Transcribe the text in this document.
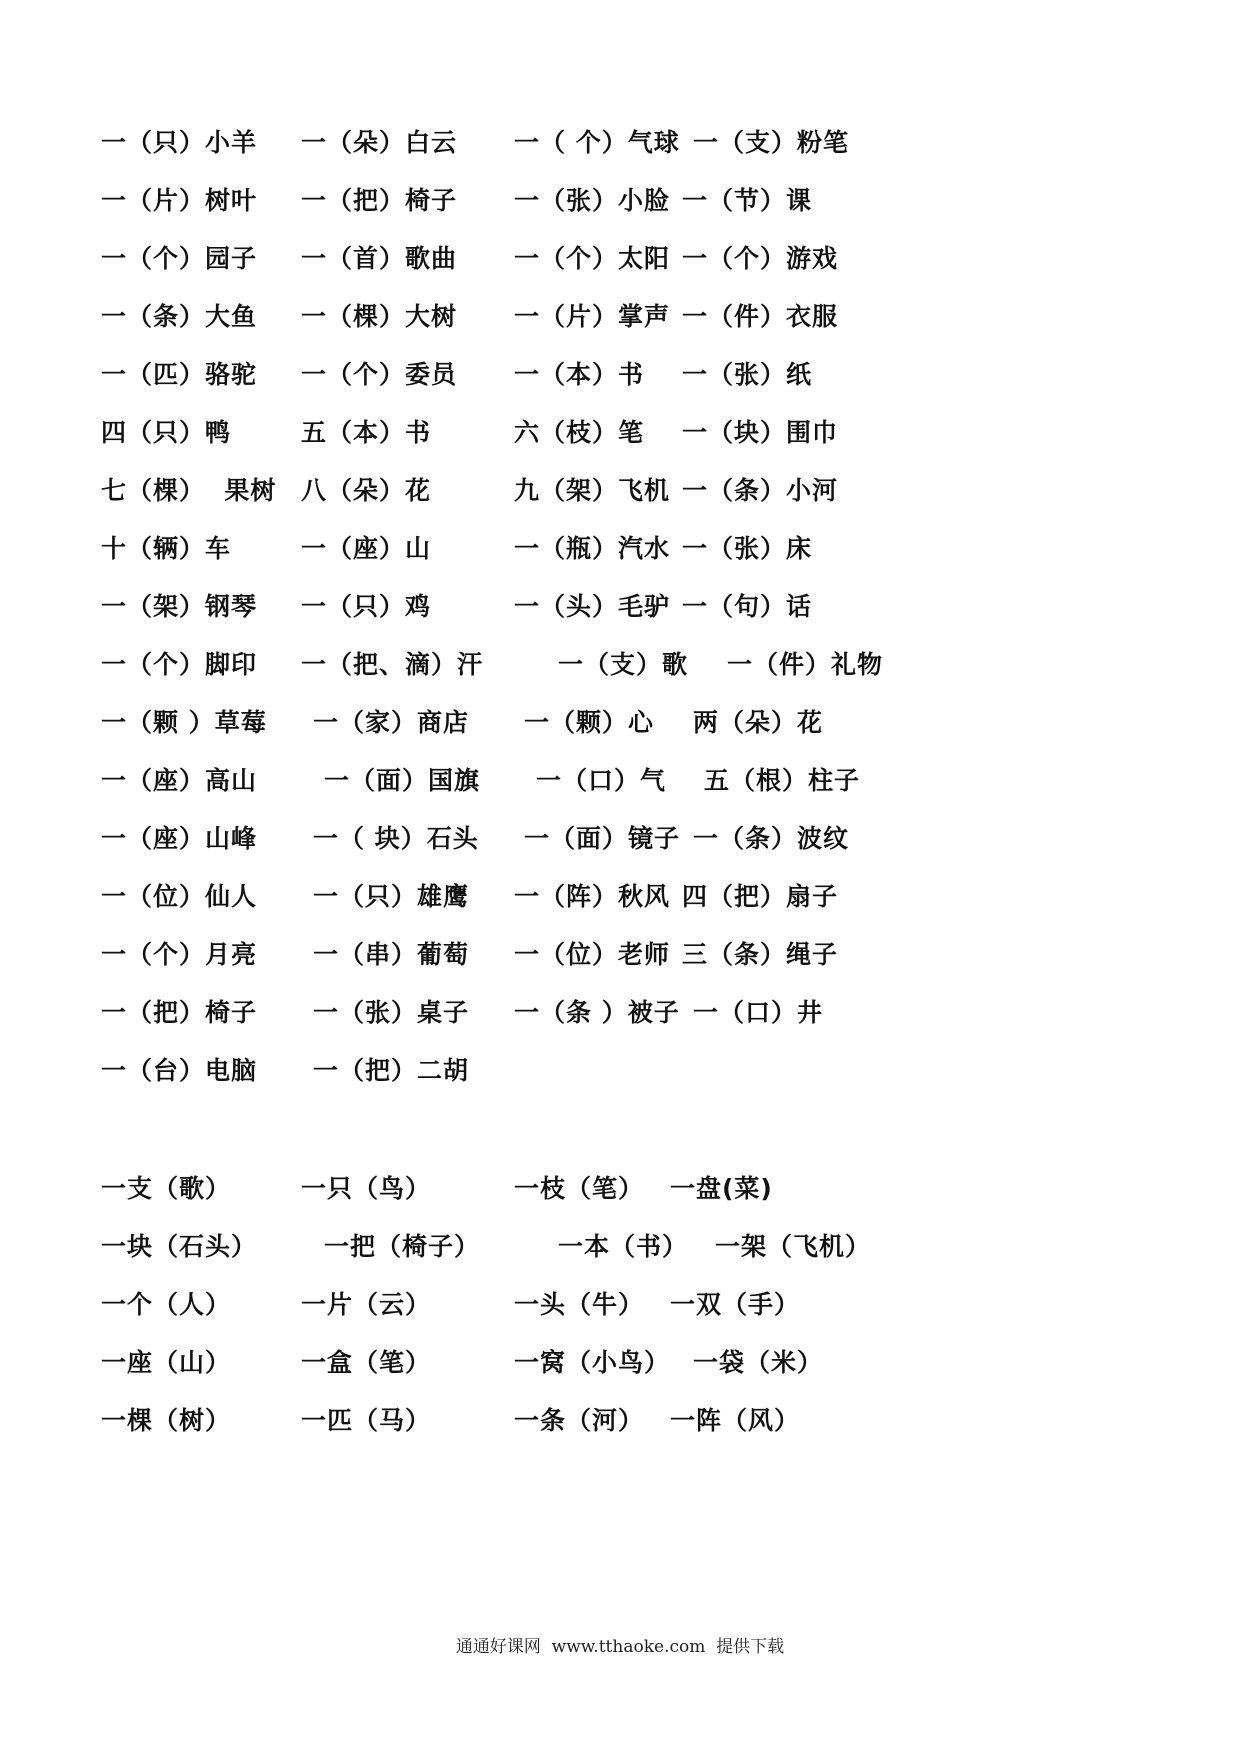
一（只）小羊 一（朵）白云 一（ 个）气球 一（支）粉笔
一（片）树叶 一（把）椅子 一（张）小脸 一（节）课
一（个）园子 一（首）歌曲 一（个）太阳 一（个）游戏
一（条）大鱼 一（棵）大树 一（片）掌声 一（件）衣服
一（匹）骆驼 一（个）委员 一（本）书 一（张）纸
四（只）鸭	五（本）书	六（枝）笔 一（块）围巾
七（棵）  果树 八（朵）花	九（架）飞机 一（条）小河
十（辆）车	一（座）山	一（瓶）汽水 一（张）床
一（架）钢琴 一（只）鸡	一（头）毛驴 一（句）话
一（个）脚印 一（把、滴）汗	一（支）歌 一（件）礼物
一（颗 ）草莓 一（家）商店 一（颗）心 两（朵）花
一（座）高山	一（面）国旗 一（口）气 五（根）柱子
一（座）山峰 一（ 块）石头 一（面）镜子 一（条）波纹
一（位）仙人 一（只）雄鹰 一（阵）秋风 四（把）扇子
一（个）月亮 一（串）葡萄 一（位）老师 三（条）绳子
一（把）椅子 一（张）桌子 一（条 ）被子 一（口）井
一（台）电脑 一（把）二胡
一支（歌）	一只（鸟）	一枝（笔） 一盘(菜)
一块（石头）	一把（椅子）	一本（书） 一架（飞机）
一个（人）	一片（云）	一头（牛） 一双（手）
一座（山）	一盒（笔）	一窝（小鸟） 一袋（米）
一棵（树）	一匹（马）	一条（河） 一阵（风）
通通好课网  www.tthaoke.com  提供下载
